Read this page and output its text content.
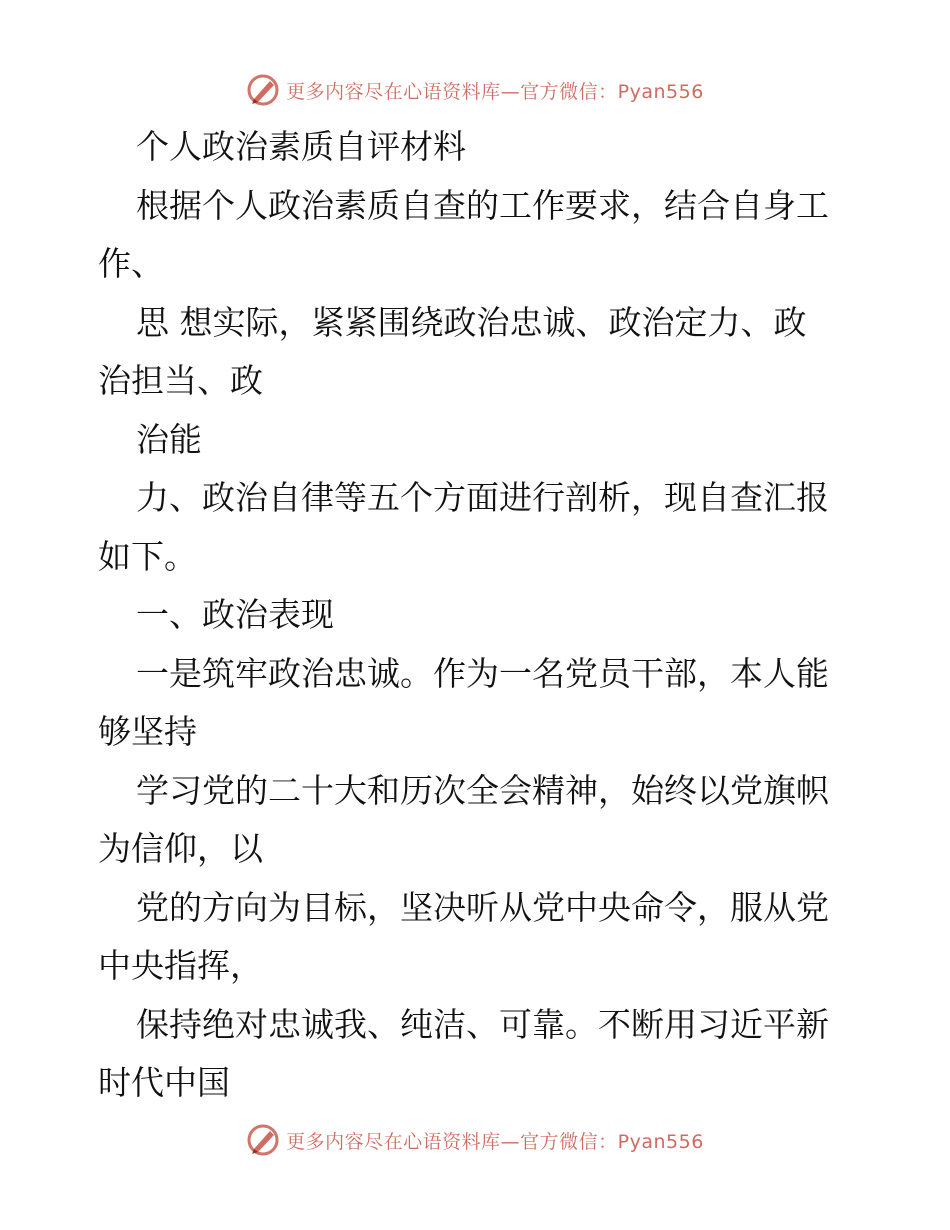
更多内容尽在心语资料库—官方微信：Pyan556
个人政治素质自评材料
根据个人政治素质自查的工作要求，结合自身工
作、
思 想实际，紧紧围绕政治忠诚、政治定力、政
治担当、政
治能
力、政治自律等五个方面进行剖析，现自查汇报
如下。
一、政治表现
一是筑牢政治忠诚。作为一名党员干部，本人能
够坚持
学习党的二十大和历次全会精神，始终以党旗帜
为信仰，以
党的方向为目标，坚决听从党中央命令，服从党
中央指挥，
保持绝对忠诚我、纯洁、可靠。不断用习近平新
时代中国
更多内容尽在心语资料库—官方微信：Pyan556
